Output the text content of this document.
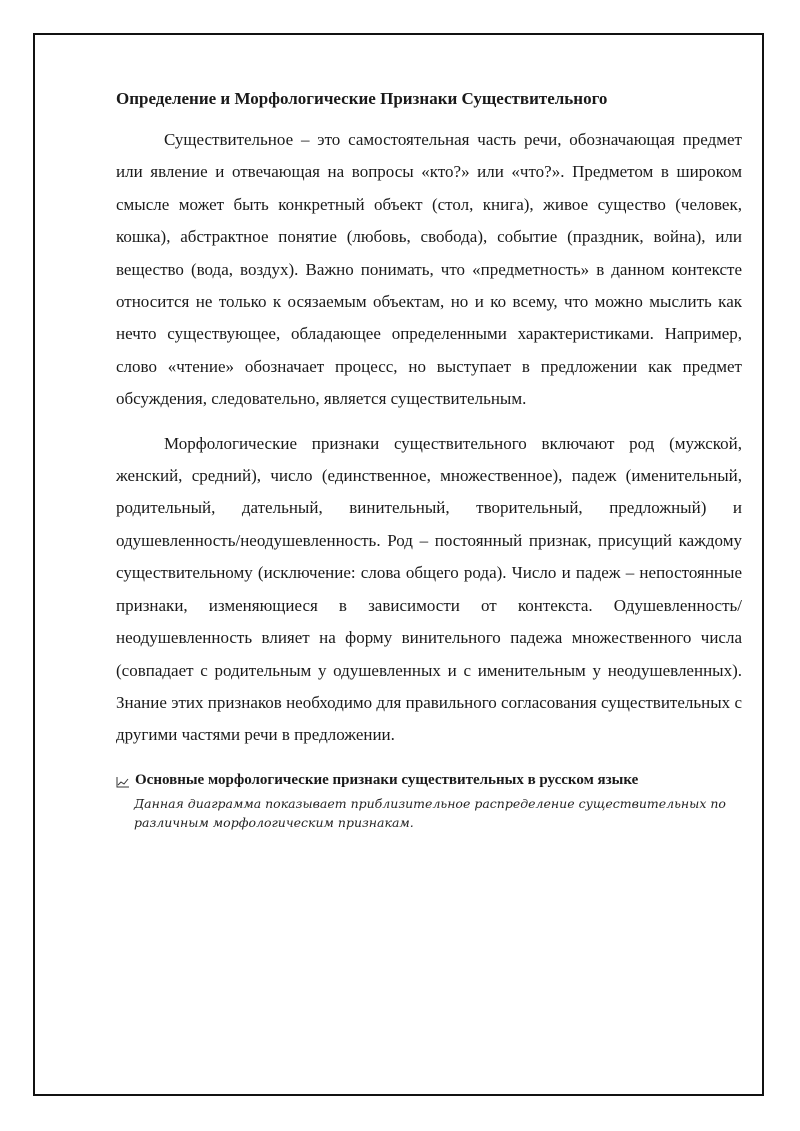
Определение и Морфологические Признаки Существительного

Существительное – это самостоятельная часть речи, обозначающая предмет или явление и отвечающая на вопросы «кто?» или «что?». Предметом в широком смысле может быть конкретный объект (стол, книга), живое существо (человек, кошка), абстрактное понятие (любовь, свобода), событие (праздник, война), или вещество (вода, воздух). Важно понимать, что «предметность» в данном контексте относится не только к осязаемым объектам, но и ко всему, что можно мыслить как нечто существующее, обладающее определенными характеристиками. Например, слово «чтение» обозначает процесс, но выступает в предложении как предмет обсуждения, следовательно, является существительным.

Морфологические признаки существительного включают род (мужской, женский, средний), число (единственное, множественное), падеж (именительный, родительный, дательный, винительный, творительный, предложный) и одушевленность/неодушевленность. Род – постоянный признак, присущий каждому существительному (исключение: слова общего рода). Число и падеж – непостоянные признаки, изменяющиеся в зависимости от контекста. Одушевленность/неодушевленность влияет на форму винительного падежа множественного числа (совпадает с родительным у одушевленных и с именительным у неодушевленных). Знание этих признаков необходимо для правильного согласования существительных с другими частями речи в предложении.

Основные морфологические признаки существительных в русском языке
Данная диаграмма показывает приблизительное распределение существительных по различным морфологическим признакам.
